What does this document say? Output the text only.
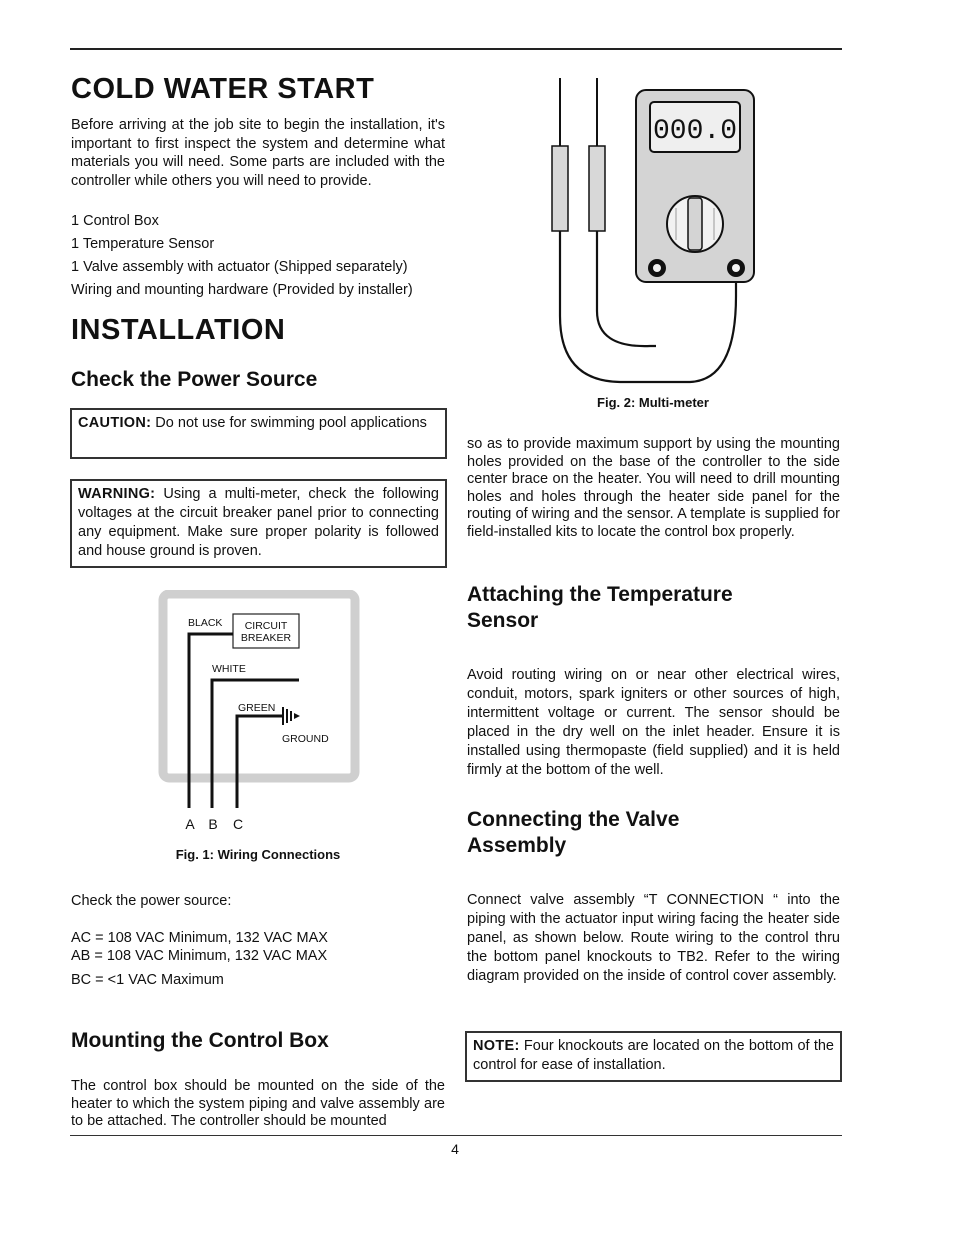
COLD WATER START

Before arriving at the job site to begin the installation, it's important to first inspect the system and determine what materials you will need. Some parts are included with the controller while others you will need to provide.

1 Control Box
1 Temperature Sensor
1 Valve assembly with actuator (Shipped separately)
Wiring and mounting hardware (Provided by installer)
INSTALLATION
Check the Power Source
CAUTION: Do not use for swimming pool applications
WARNING: Using a multi-meter, check the following voltages at the circuit breaker panel prior to connecting any equipment. Make sure proper polarity is followed and house ground is proven.
BLACK CIRCUIT
BREAKER
WHITE
GREEN
GROUND
A B C
Fig. 1: Wiring Connections

Check the power source:

AC = 108 VAC Minimum, 132 VAC MAX
AB = 108 VAC Minimum, 132 VAC MAX
BC = <1 VAC Maximum
Mounting the Control Box

The control box should be mounted on the side of the heater to which the system piping and valve assembly are to be attached. The controller should be mounted

000.0
Fig. 2: Multi-meter

so as to provide maximum support by using the mounting holes provided on the base of the controller to the side center brace on the heater. You will need to drill mounting holes and holes through the heater side panel for the routing of wiring and the sensor. A template is supplied for field-installed kits to locate the control box properly.

Attaching the Temperature Sensor

Avoid routing wiring on or near other electrical wires, conduit, motors, spark igniters or other sources of high, intermittent voltage or current. The sensor should be placed in the dry well on the inlet header. Ensure it is installed using thermopaste (field supplied) and it is held firmly at the bottom of the well.

Connecting the Valve Assembly

Connect valve assembly “T CONNECTION “ into the piping with the actuator input wiring facing the heater side panel, as shown below. Route wiring to the control thru the bottom panel knockouts to TB2. Refer to the wiring diagram provided on the inside of control cover assembly.

NOTE: Four knockouts are located on the bottom of the control for ease of installation.
4
